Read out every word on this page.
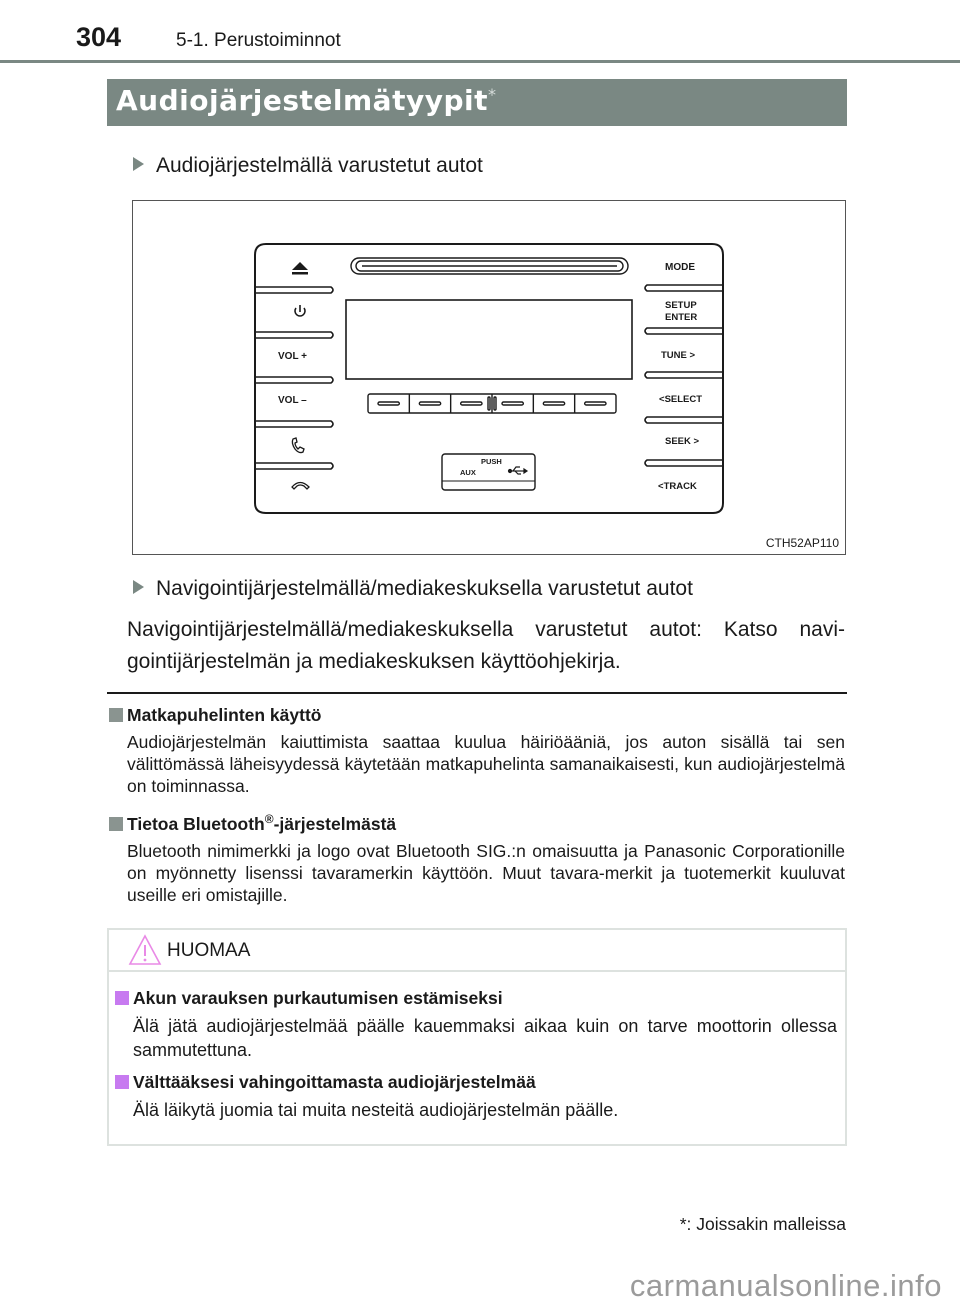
304	5-1. Perustoiminnot
Audiojärjestelmätyypit*
Audiojärjestelmällä varustetut autot
VOL +
VOL –
PUSH
AUX
MODE
SETUP
ENTER
TUNE >
<SELECT
SEEK >
<TRACK
CTH52AP110
Navigointijärjestelmällä/mediakeskuksella varustetut autot
Navigointijärjestelmällä/mediakeskuksella varustetut autot: Katso navi-
gointijärjestelmän ja mediakeskuksen käyttöohjekirja.
Matkapuhelinten käyttö
Audiojärjestelmän kaiuttimista saattaa kuulua häiriöääniä, jos auton sisällä tai sen välittömässä läheisyydessä käytetään matkapuhelinta samanaikaisesti, kun audiojärjestelmä on toiminnassa.
Tietoa Bluetooth®-järjestelmästä
Bluetooth nimimerkki ja logo ovat Bluetooth SIG.:n omaisuutta ja Panasonic Corporationille on myönnetty lisenssi tavaramerkin käyttöön. Muut tavara-merkit ja tuotemerkit kuuluvat useille eri omistajille.
HUOMAA
Akun varauksen purkautumisen estämiseksi
Älä jätä audiojärjestelmää päälle kauemmaksi aikaa kuin on tarve moottorin ollessa sammutettuna.
Välttääksesi vahingoittamasta audiojärjestelmää
Älä läikytä juomia tai muita nesteitä audiojärjestelmän päälle.
*: Joissakin malleissa
carmanualsonline.info
